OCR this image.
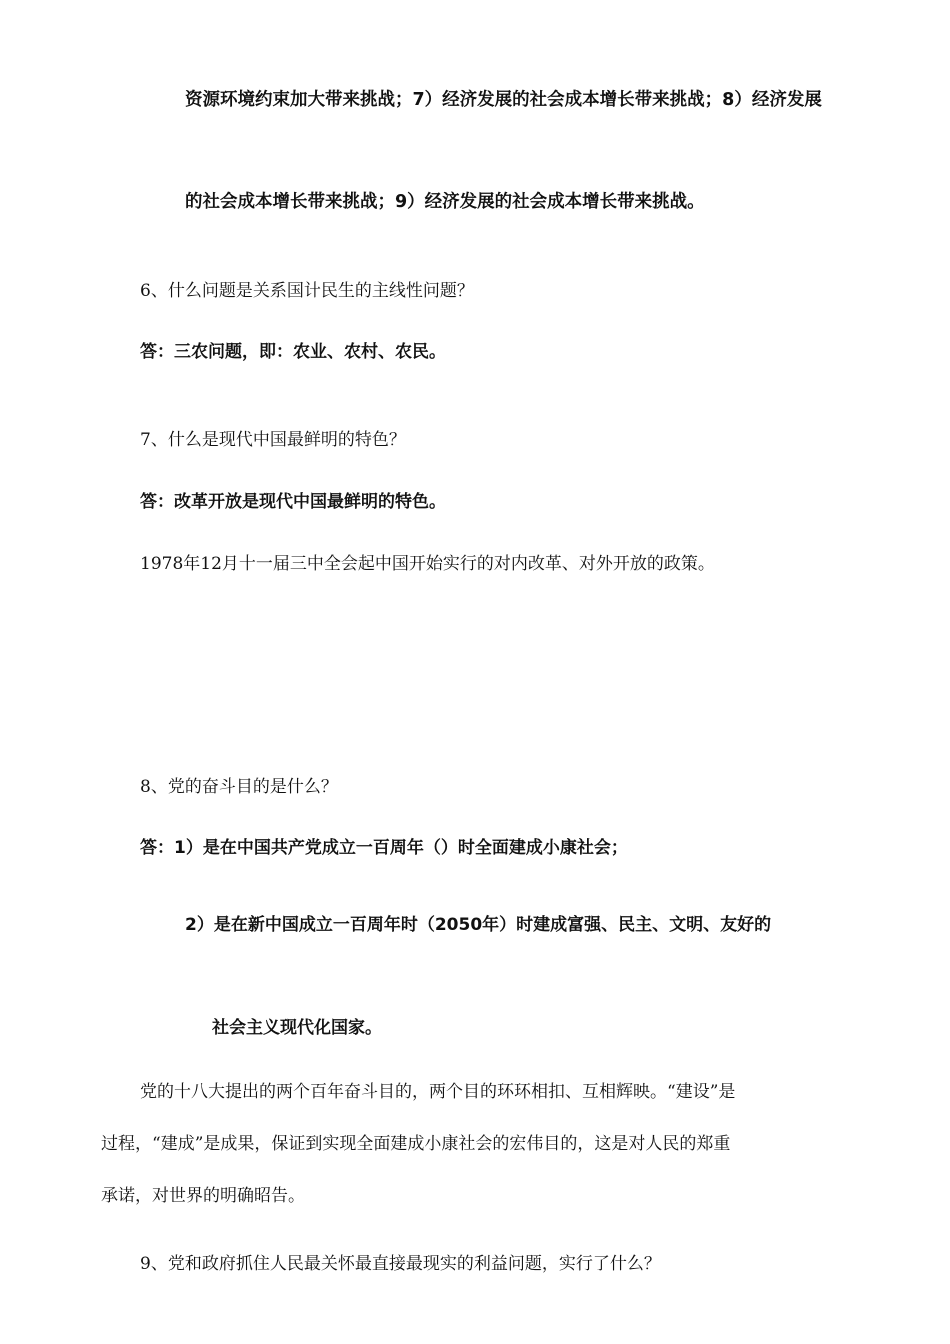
资源环境约束加大带来挑战；7）经济发展的社会成本增长带来挑战；8）经济发展
的社会成本增长带来挑战；9）经济发展的社会成本增长带来挑战。
6、什么问题是关系国计民生的主线性问题？
答：三农问题，即：农业、农村、农民。
7、什么是现代中国最鲜明的特色？
答：改革开放是现代中国最鲜明的特色。
1978年12月十一届三中全会起中国开始实行的对内改革、对外开放的政策。
8、党的奋斗目的是什么？
答：1）是在中国共产党成立一百周年（）时全面建成小康社会；
2）是在新中国成立一百周年时（2050年）时建成富强、民主、文明、友好的
社会主义现代化国家。
党的十八大提出的两个百年奋斗目的，两个目的环环相扣、互相辉映。“建设”是
过程，“建成”是成果，保证到实现全面建成小康社会的宏伟目的，这是对人民的郑重
承诺，对世界的明确昭告。
9、党和政府抓住人民最关怀最直接最现实的利益问题，实行了什么？
